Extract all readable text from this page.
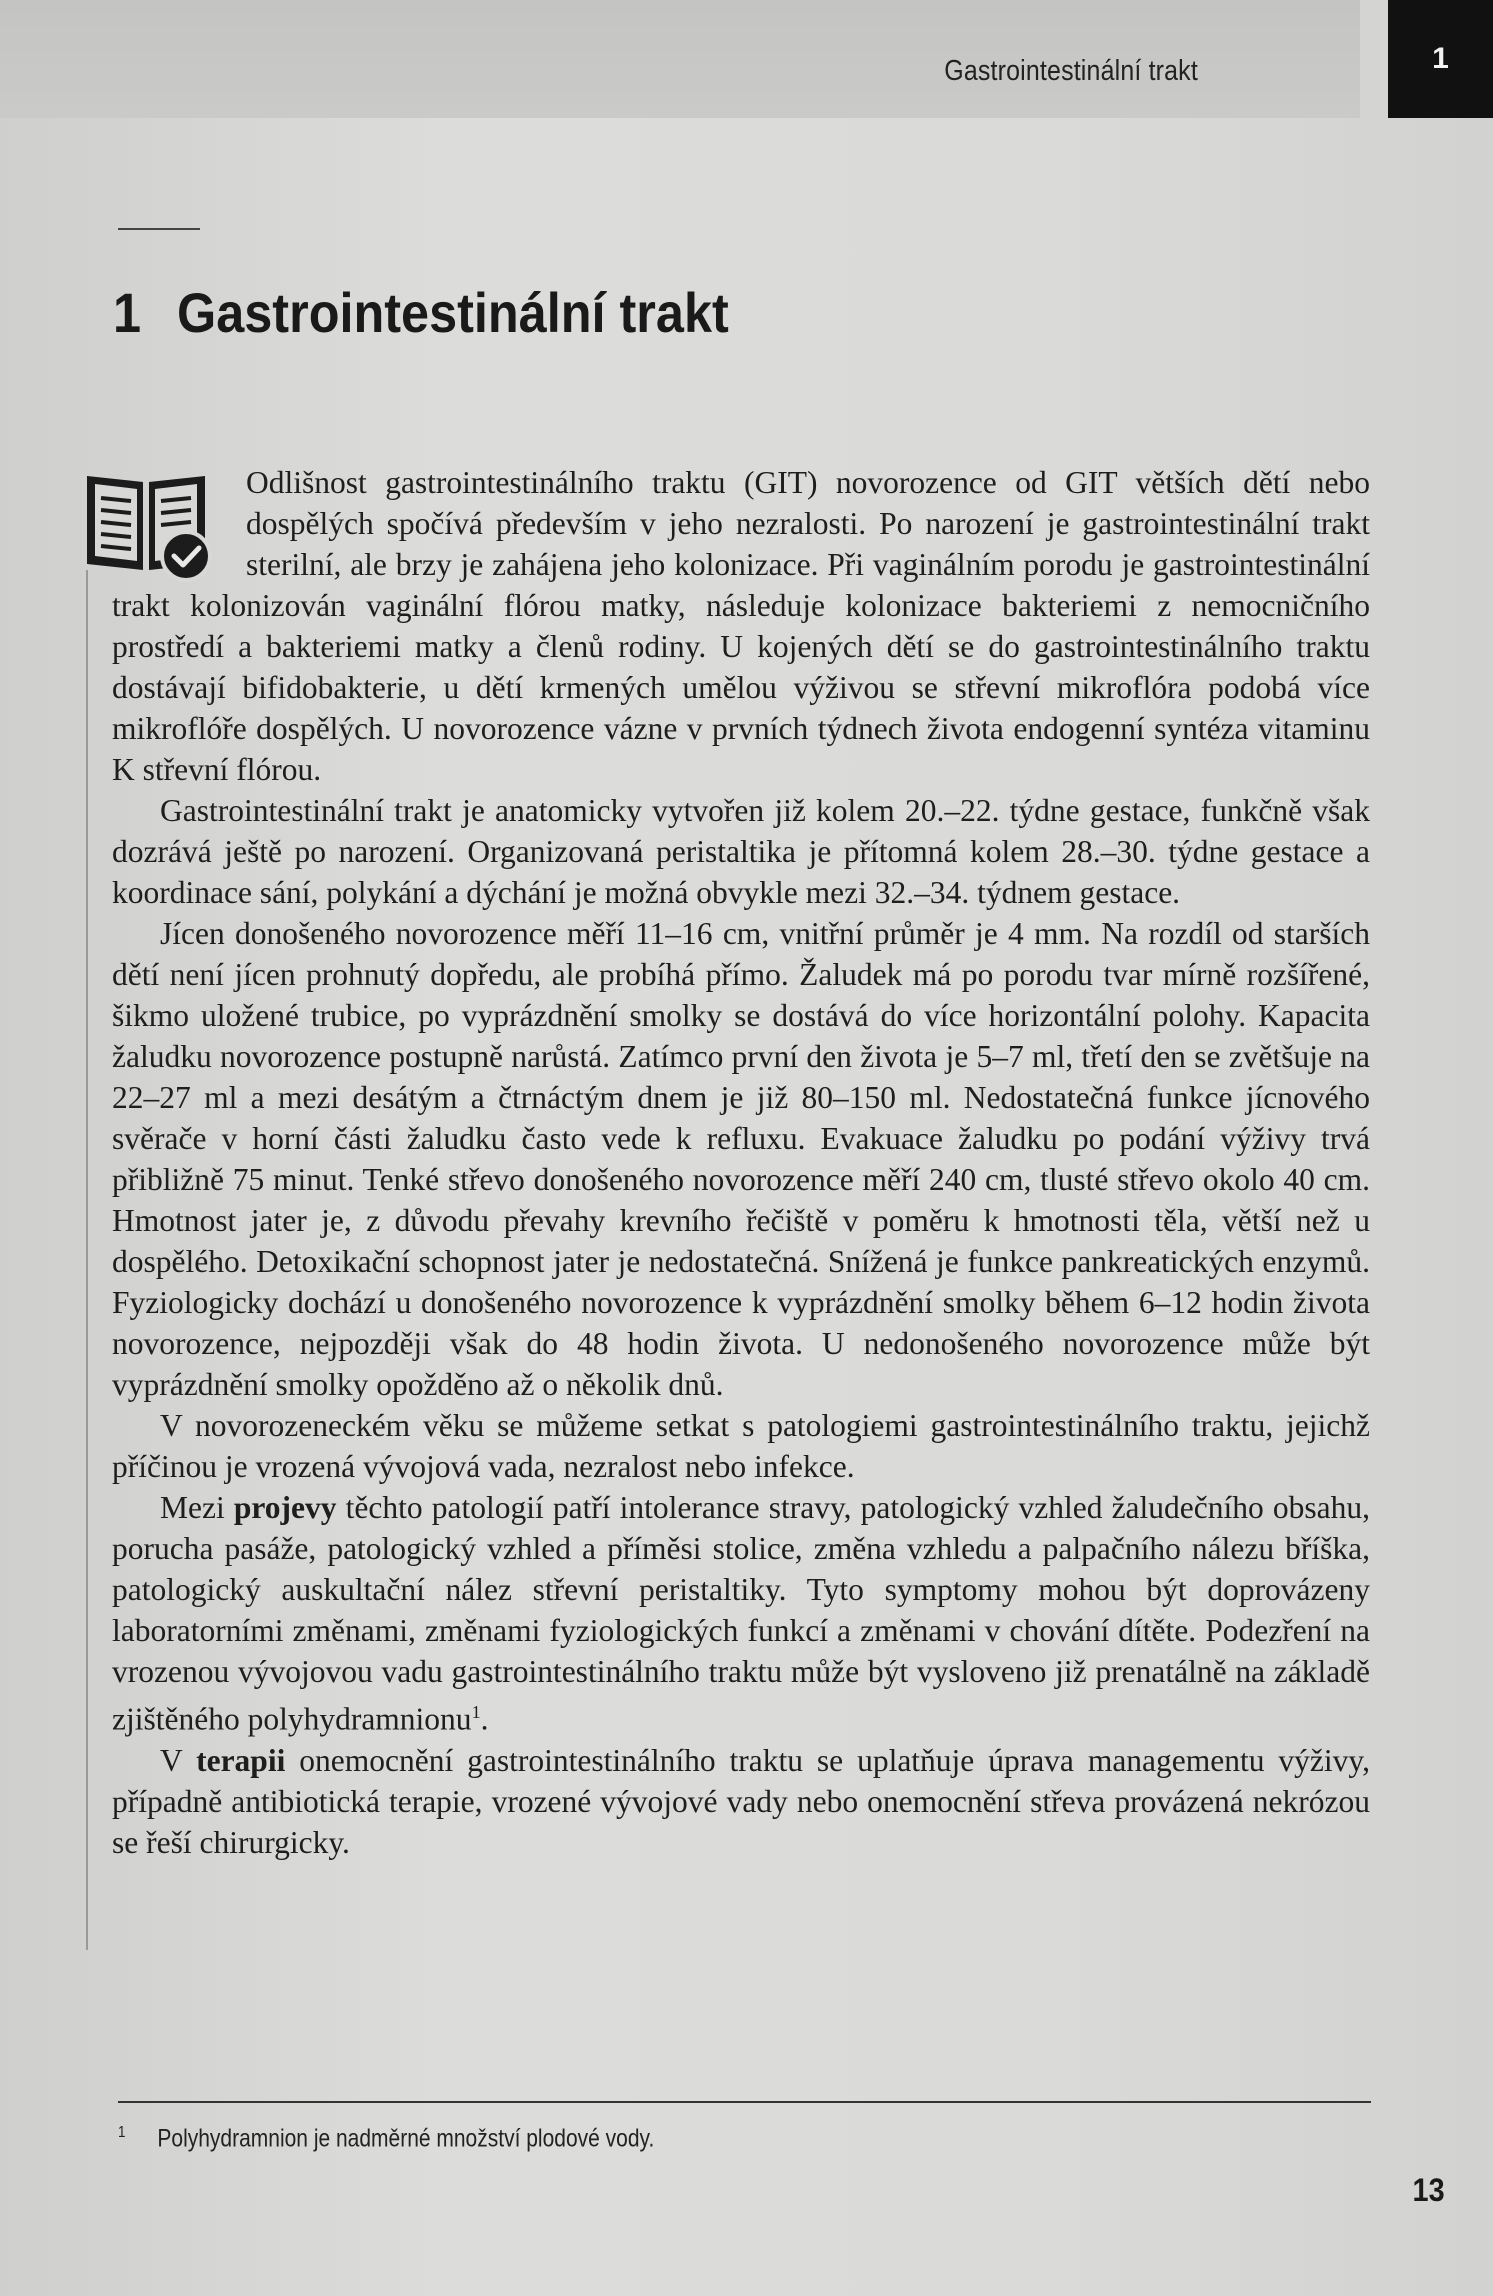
Gastrointestinální trakt	1
1 Gastrointestinální trakt

Odlišnost gastrointestinálního traktu (GIT) novorozence od GIT větších dětí nebo dospělých spočívá především v jeho nezralosti. Po narození je gastrointestinální trakt sterilní, ale brzy je zahájena jeho kolonizace. Při vaginálním porodu je gastrointestinální trakt kolonizován vaginální flórou matky, následuje kolonizace bakteriemi z nemocničního prostředí a bakteriemi matky a členů rodiny. U kojených dětí se do gastrointestinálního traktu dostávají bifidobakterie, u dětí krmených umělou výživou se střevní mikroflóra podobá více mikroflóře dospělých. U novorozence vázne v prvních týdnech života endogenní syntéza vitaminu K střevní flórou.

Gastrointestinální trakt je anatomicky vytvořen již kolem 20.–22. týdne gestace, funkčně však dozrává ještě po narození. Organizovaná peristaltika je přítomná kolem 28.–30. týdne gestace a koordinace sání, polykání a dýchání je možná obvykle mezi 32.–34. týdnem gestace.

Jícen donošeného novorozence měří 11–16 cm, vnitřní průměr je 4 mm. Na rozdíl od starších dětí není jícen prohnutý dopředu, ale probíhá přímo. Žaludek má po porodu tvar mírně rozšířené, šikmo uložené trubice, po vyprázdnění smolky se dostává do více horizontální polohy. Kapacita žaludku novorozence postupně narůstá. Zatímco první den života je 5–7 ml, třetí den se zvětšuje na 22–27 ml a mezi desátým a čtrnáctým dnem je již 80–150 ml. Nedostatečná funkce jícnového svěrače v horní části žaludku často vede k refluxu. Evakuace žaludku po podání výživy trvá přibližně 75 minut. Tenké střevo donošeného novorozence měří 240 cm, tlusté střevo okolo 40 cm. Hmotnost jater je, z důvodu převahy krevního řečiště v poměru k hmotnosti těla, větší než u dospělého. Detoxikační schopnost jater je nedostatečná. Snížená je funkce pankreatických enzymů. Fyziologicky dochází u donošeného novorozence k vyprázdnění smolky během 6–12 hodin života novorozence, nejpozději však do 48 hodin života. U nedonošeného novorozence může být vyprázdnění smolky opožděno až o několik dnů.

V novorozeneckém věku se můžeme setkat s patologiemi gastrointestinálního traktu, jejichž příčinou je vrozená vývojová vada, nezralost nebo infekce.

Mezi projevy těchto patologií patří intolerance stravy, patologický vzhled žaludečního obsahu, porucha pasáže, patologický vzhled a příměsi stolice, změna vzhledu a palpačního nálezu bříška, patologický auskultační nález střevní peristaltiky. Tyto symptomy mohou být doprovázeny laboratorními změnami, změnami fyziologických funkcí a změnami v chování dítěte. Podezření na vrozenou vývojovou vadu gastrointestinálního traktu může být vysloveno již prenatálně na základě zjištěného polyhydramnionu$^1$.

V terapii onemocnění gastrointestinálního traktu se uplatňuje úprava managementu výživy, případně antibiotická terapie, vrozené vývojové vady nebo onemocnění střeva provázená nekrózou se řeší chirurgicky.

$^1$ Polyhydramnion je nadměrné množství plodové vody.
13
